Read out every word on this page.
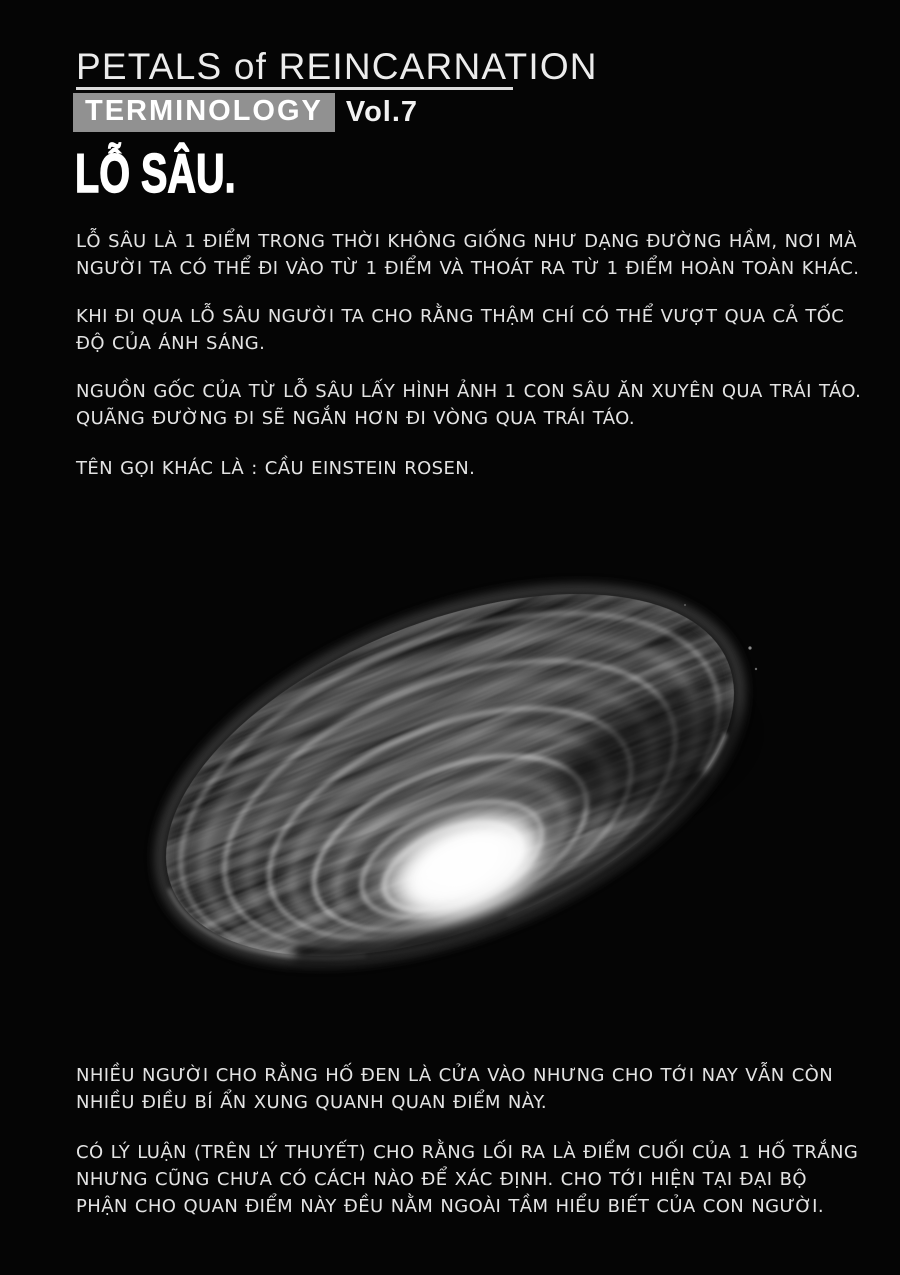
PETALS of REINCARNATION
TERMINOLOGY Vol.7
LỖ SÂU.
LỖ SÂU LÀ 1 ĐIỂM TRONG THỜI KHÔNG GIỐNG NHƯ DẠNG ĐƯỜNG HẦM, NƠI MÀ
NGƯỜI TA CÓ THỂ ĐI VÀO TỪ 1 ĐIỂM VÀ THOÁT RA TỪ 1 ĐIỂM HOÀN TOÀN KHÁC.
KHI ĐI QUA LỖ SÂU NGƯỜI TA CHO RẰNG THẬM CHÍ CÓ THỂ VƯỢT QUA CẢ TỐC
ĐỘ CỦA ÁNH SÁNG.
NGUỒN GỐC CỦA TỪ LỖ SÂU LẤY HÌNH ẢNH 1 CON SÂU ĂN XUYÊN QUA TRÁI TÁO.
QUÃNG ĐƯỜNG ĐI SẼ NGẮN HƠN ĐI VÒNG QUA TRÁI TÁO.
TÊN GỌI KHÁC LÀ : CẦU EINSTEIN ROSEN.
NHIỀU NGƯỜI CHO RẰNG HỐ ĐEN LÀ CỬA VÀO NHƯNG CHO TỚI NAY VẪN CÒN
NHIỀU ĐIỀU BÍ ẨN XUNG QUANH QUAN ĐIỂM NÀY.
CÓ LÝ LUẬN (TRÊN LÝ THUYẾT) CHO RẰNG LỐI RA LÀ ĐIỂM CUỐI CỦA 1 HỐ TRẮNG
NHƯNG CŨNG CHƯA CÓ CÁCH NÀO ĐỂ XÁC ĐỊNH. CHO TỚI HIỆN TẠI ĐẠI BỘ
PHẬN CHO QUAN ĐIỂM NÀY ĐỀU NẰM NGOÀI TẦM HIỂU BIẾT CỦA CON NGƯỜI.
